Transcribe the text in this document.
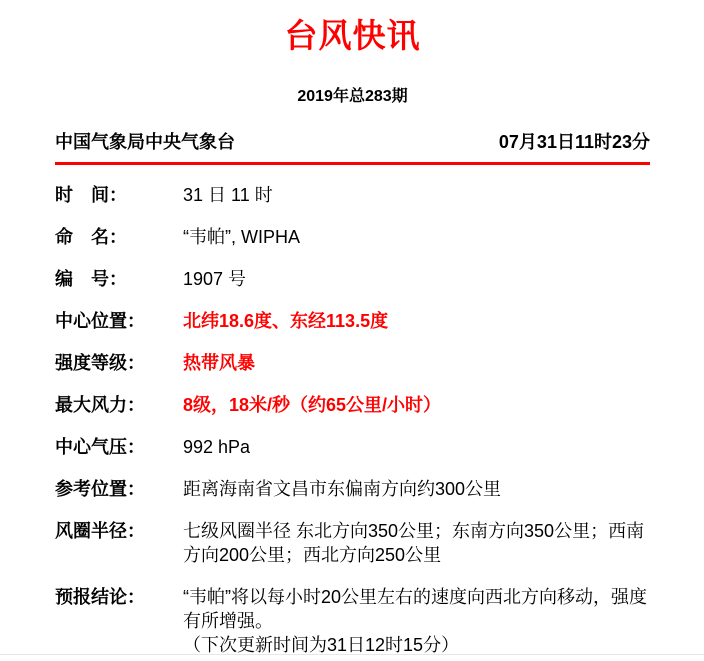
台风快讯
2019年总283期
中国气象局中央气象台	07月31日11时23分
时　间：	31 日 11 时
命　名：	“韦帕”, WIPHA
编　号：	1907 号
中心位置：	北纬18.6度、东经113.5度
强度等级：	热带风暴
最大风力：	8级，18米/秒（约65公里/小时）
中心气压：	992 hPa
参考位置：	距离海南省文昌市东偏南方向约300公里
风圈半径：	七级风圈半径 东北方向350公里；东南方向350公里；西南方向200公里；西北方向250公里
预报结论：	“韦帕”将以每小时20公里左右的速度向西北方向移动，强度有所增强。
（下次更新时间为31日12时15分）
